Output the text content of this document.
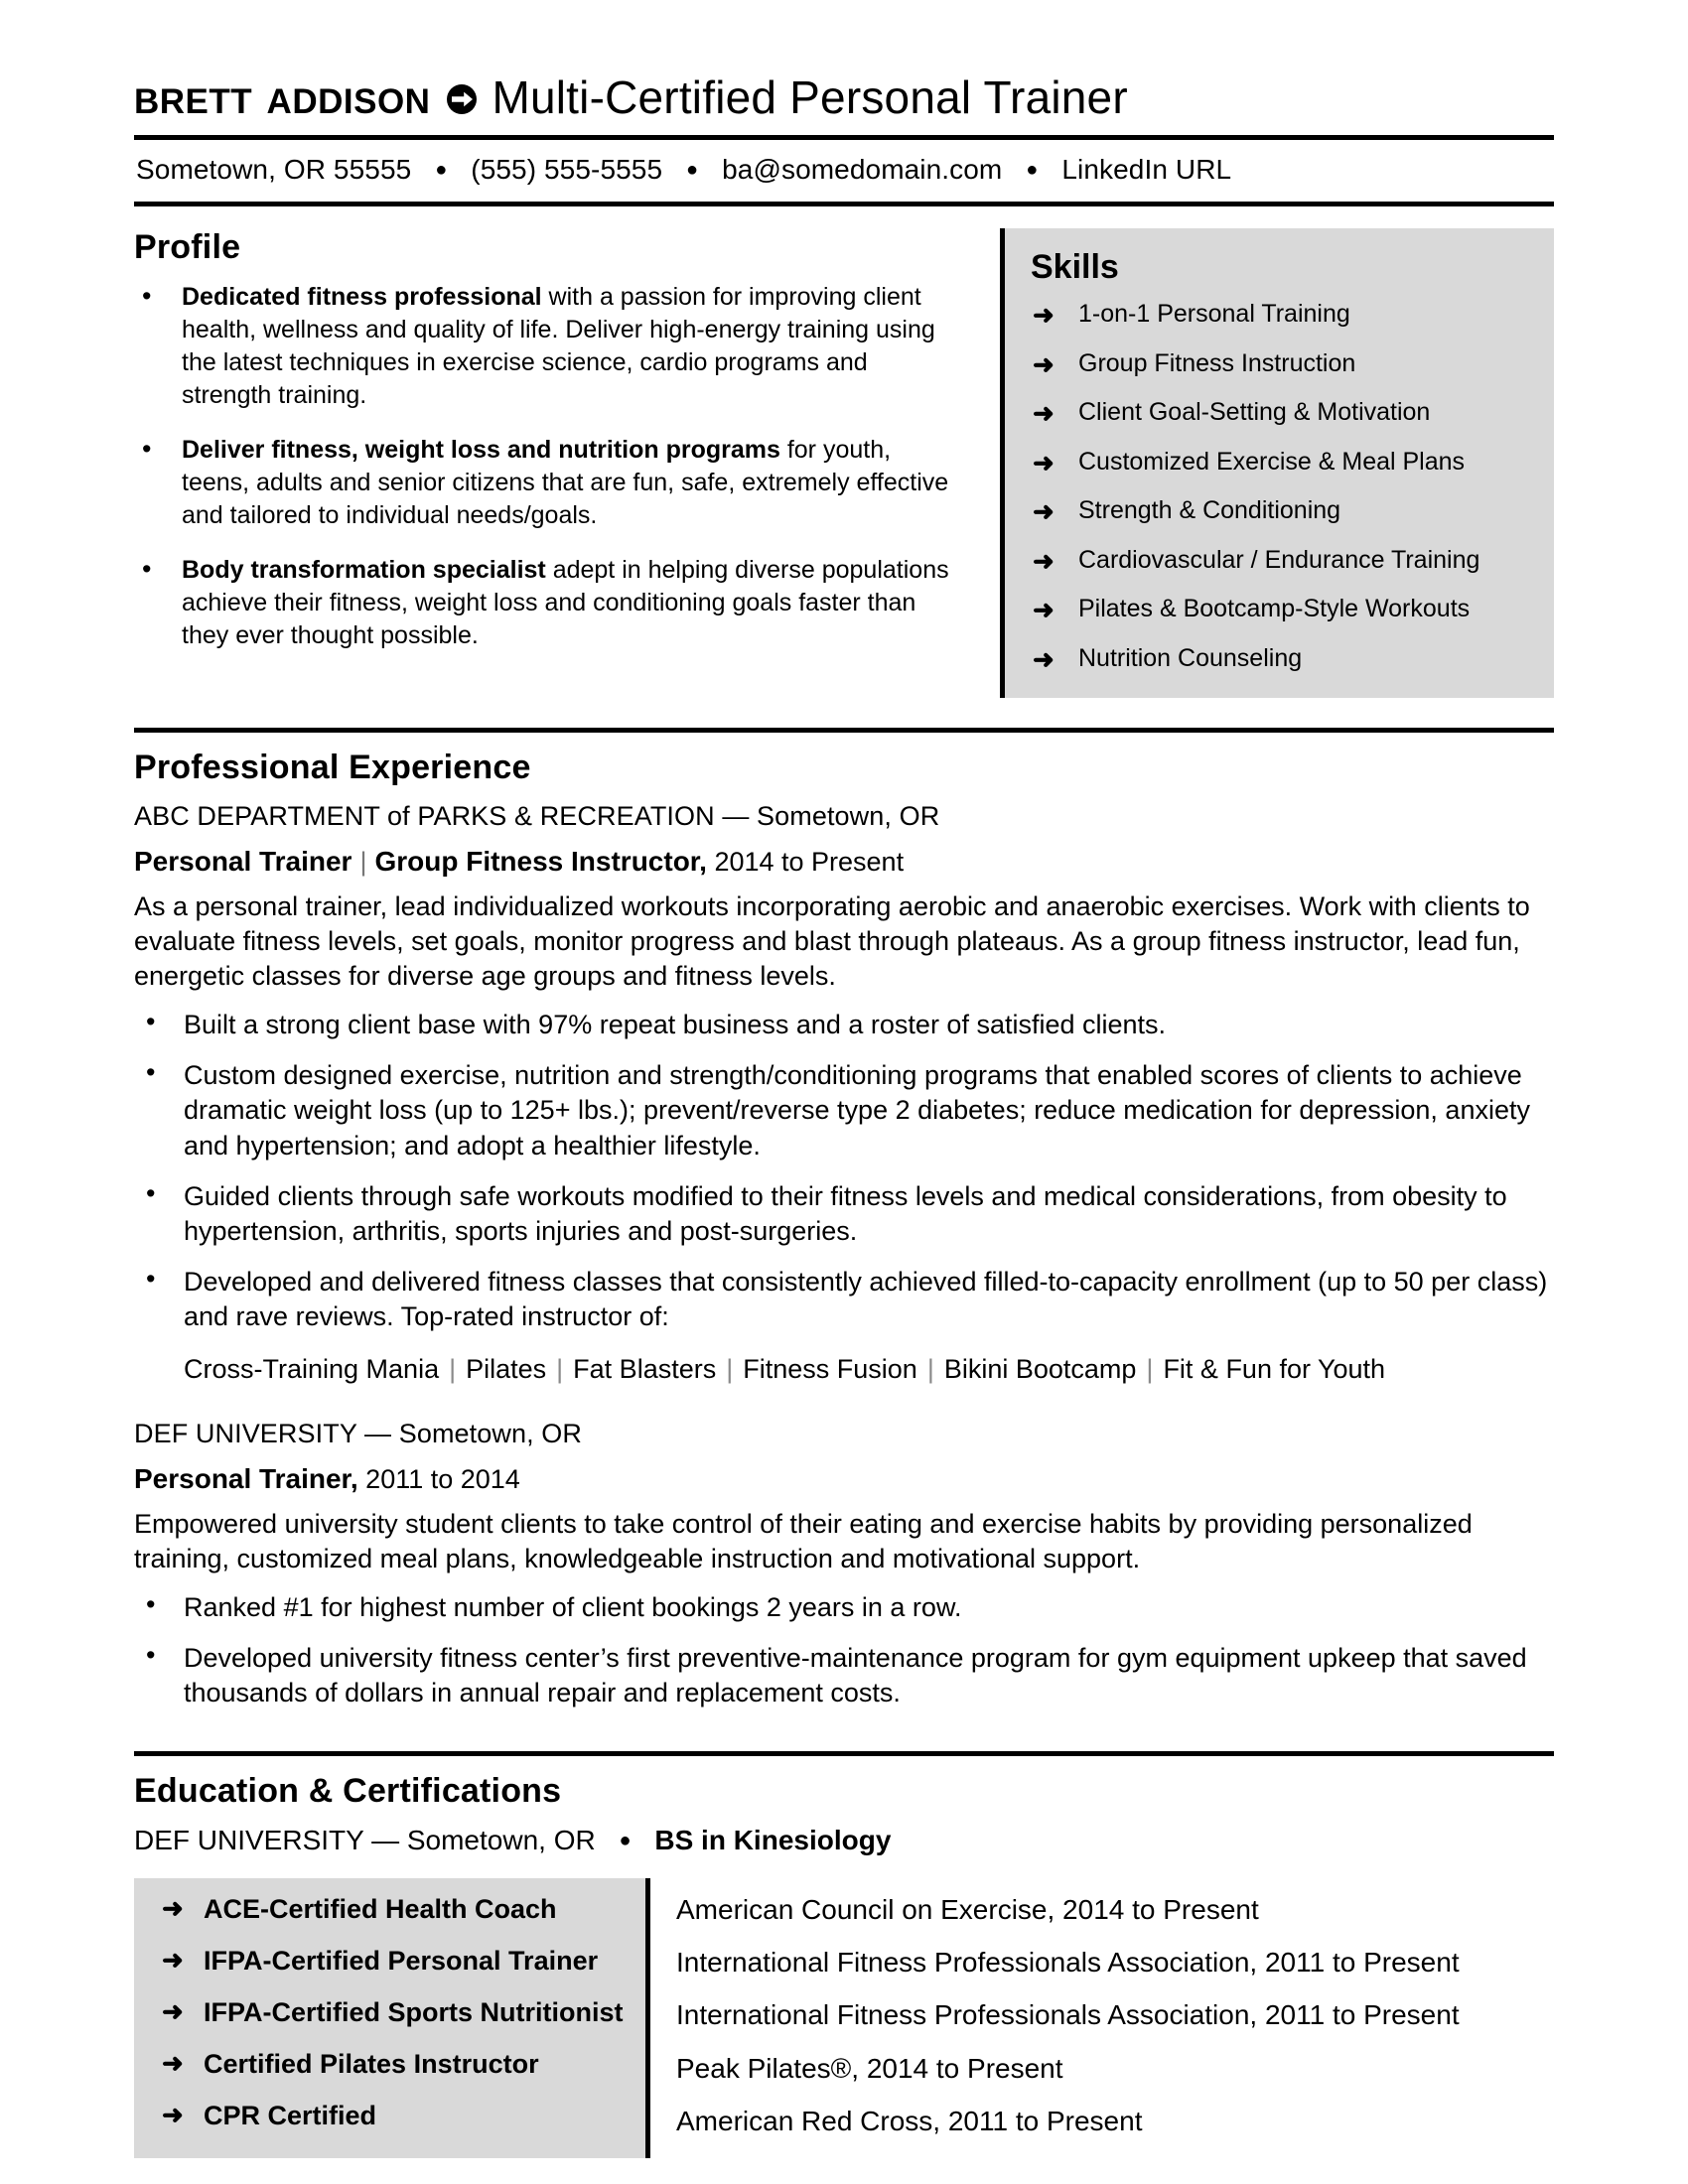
brett addison Multi-Certified Personal Trainer
Sometown, OR 55555 ● (555) 555-5555 ● ba@somedomain.com ● LinkedIn URL
Profile
• Dedicated fitness professional with a passion for improving client health, wellness and quality of life. Deliver high-energy training using the latest techniques in exercise science, cardio programs and strength training.
• Deliver fitness, weight loss and nutrition programs for youth, teens, adults and senior citizens that are fun, safe, extremely effective and tailored to individual needs/goals.
• Body transformation specialist adept in helping diverse populations achieve their fitness, weight loss and conditioning goals faster than they ever thought possible.
Skills
➜ 1-on-1 Personal Training
➜ Group Fitness Instruction
➜ Client Goal-Setting & Motivation
➜ Customized Exercise & Meal Plans
➜ Strength & Conditioning
➜ Cardiovascular / Endurance Training
➜ Pilates & Bootcamp-Style Workouts
➜ Nutrition Counseling
Professional Experience
ABC DEPARTMENT of PARKS & RECREATION — Sometown, OR
Personal Trainer | Group Fitness Instructor, 2014 to Present
As a personal trainer, lead individualized workouts incorporating aerobic and anaerobic exercises. Work with clients to evaluate fitness levels, set goals, monitor progress and blast through plateaus. As a group fitness instructor, lead fun, energetic classes for diverse age groups and fitness levels.
• Built a strong client base with 97% repeat business and a roster of satisfied clients.
• Custom designed exercise, nutrition and strength/conditioning programs that enabled scores of clients to achieve dramatic weight loss (up to 125+ lbs.); prevent/reverse type 2 diabetes; reduce medication for depression, anxiety and hypertension; and adopt a healthier lifestyle.
• Guided clients through safe workouts modified to their fitness levels and medical considerations, from obesity to hypertension, arthritis, sports injuries and post-surgeries.
• Developed and delivered fitness classes that consistently achieved filled-to-capacity enrollment (up to 50 per class) and rave reviews. Top-rated instructor of:
Cross-Training Mania | Pilates | Fat Blasters | Fitness Fusion | Bikini Bootcamp | Fit & Fun for Youth
DEF UNIVERSITY — Sometown, OR
Personal Trainer, 2011 to 2014
Empowered university student clients to take control of their eating and exercise habits by providing personalized training, customized meal plans, knowledgeable instruction and motivational support.
• Ranked #1 for highest number of client bookings 2 years in a row.
• Developed university fitness center’s first preventive-maintenance program for gym equipment upkeep that saved thousands of dollars in annual repair and replacement costs.
Education & Certifications
DEF UNIVERSITY — Sometown, OR ● BS in Kinesiology
➜ ACE-Certified Health Coach
➜ IFPA-Certified Personal Trainer
➜ IFPA-Certified Sports Nutritionist
➜ Certified Pilates Instructor
➜ CPR Certified
American Council on Exercise, 2014 to Present
International Fitness Professionals Association, 2011 to Present
International Fitness Professionals Association, 2011 to Present
Peak Pilates®, 2014 to Present
American Red Cross, 2011 to Present
